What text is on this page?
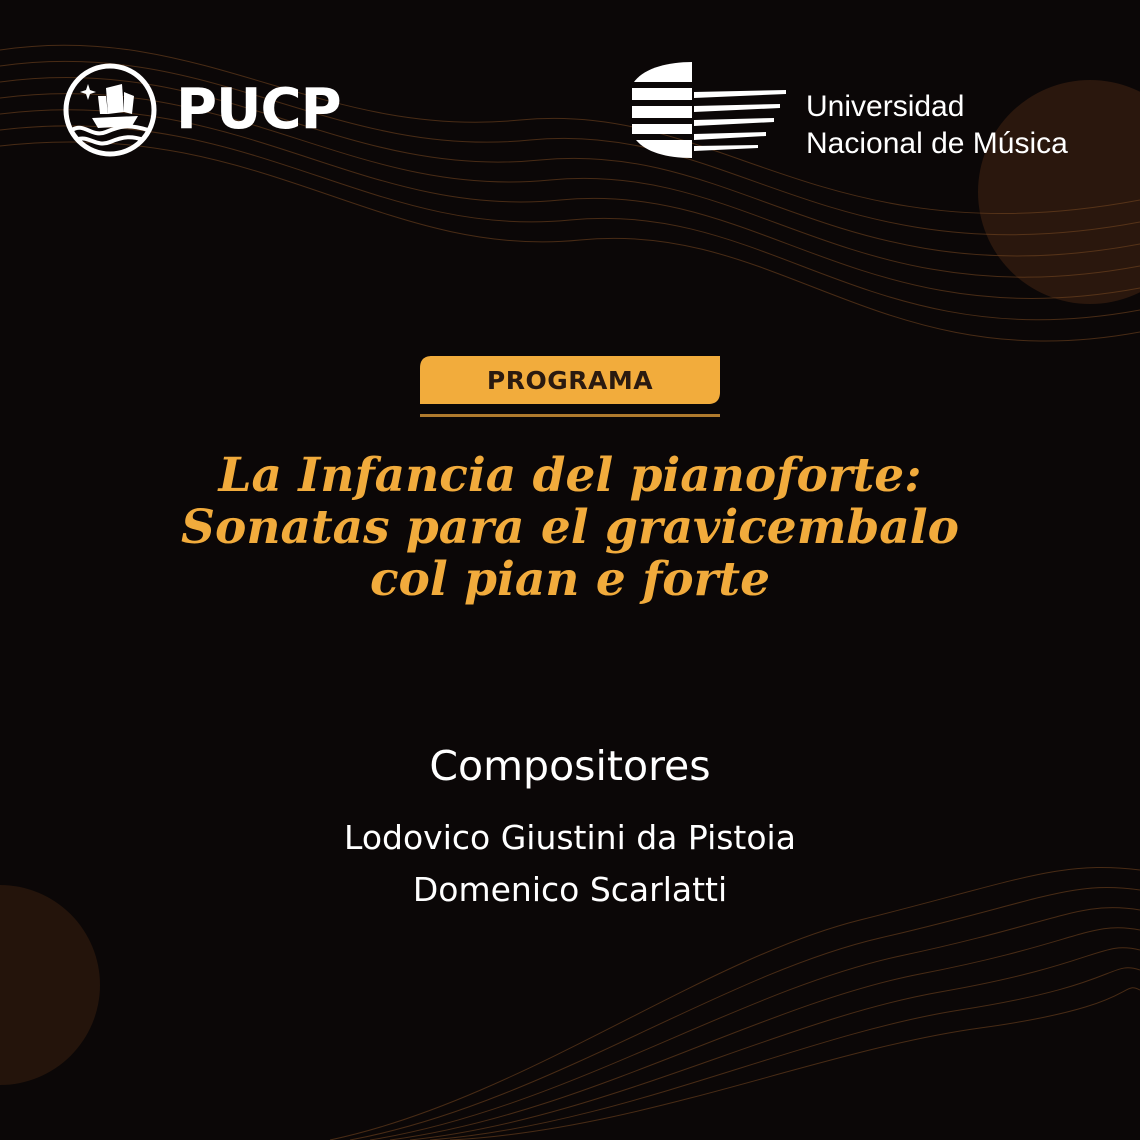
PUCP	Universidad
Nacional de Música
PROGRAMA
La Infancia del pianoforte:
Sonatas para el gravicembalo
col pian e forte
Compositores
Lodovico Giustini da Pistoia
Domenico Scarlatti
